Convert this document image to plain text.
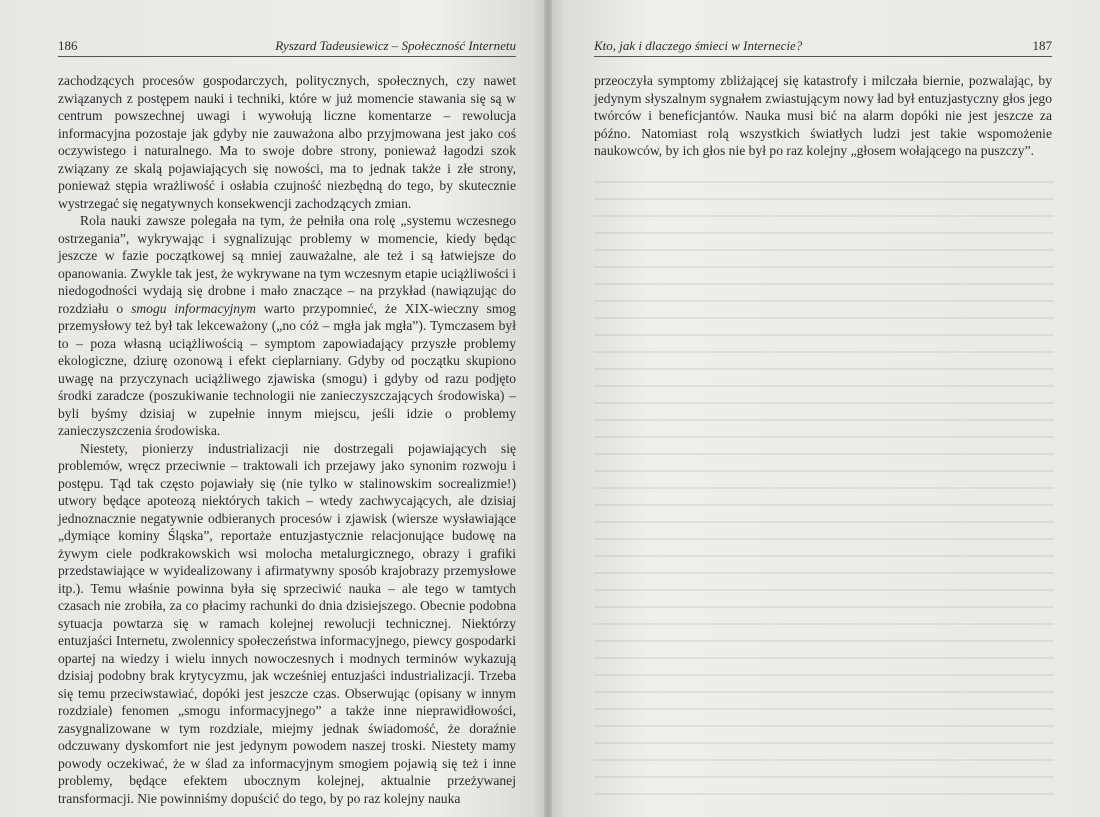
186	Ryszard Tadeusiewicz – Społeczność Internetu

zachodzących procesów gospodarczych, politycznych, społecznych, czy nawet związanych z postępem nauki i techniki, które w już momencie stawania się są w centrum powszechnej uwagi i wywołują liczne komentarze – rewolucja informacyjna pozostaje jak gdyby nie zauważona albo przyjmowana jest jako coś oczywistego i naturalnego. Ma to swoje dobre strony, ponieważ łagodzi szok związany ze skalą pojawiających się nowości, ma to jednak także i złe strony, ponieważ stępia wrażliwość i osłabia czujność niezbędną do tego, by skutecznie wystrzegać się negatywnych konsekwencji zachodzących zmian.

Rola nauki zawsze polegała na tym, że pełniła ona rolę „systemu wczesnego ostrzegania”, wykrywając i sygnalizując problemy w momencie, kiedy będąc jeszcze w fazie początkowej są mniej zauważalne, ale też i są łatwiejsze do opanowania. Zwykle tak jest, że wykrywane na tym wczesnym etapie uciążliwości i niedogodności wydają się drobne i mało znaczące – na przykład (nawiązując do rozdziału o smogu informacyjnym warto przypomnieć, że XIX-wieczny smog przemysłowy też był tak lekceważony („no cóż – mgła jak mgła”). Tymczasem był to – poza własną uciążliwością – symptom zapowiadający przyszłe problemy ekologiczne, dziurę ozonową i efekt cieplarniany. Gdyby od początku skupiono uwagę na przyczynach uciążliwego zjawiska (smogu) i gdyby od razu podjęto środki zaradcze (poszukiwanie technologii nie zanieczyszczających środowiska) – byli byśmy dzisiaj w zupełnie innym miejscu, jeśli idzie o problemy zanieczyszczenia środowiska.

Niestety, pionierzy industrializacji nie dostrzegali pojawiających się problemów, wręcz przeciwnie – traktowali ich przejawy jako synonim rozwoju i postępu. Tąd tak często pojawiały się (nie tylko w stalinowskim socrealizmie!) utwory będące apoteozą niektórych takich – wtedy zachwycających, ale dzisiaj jednoznacznie negatywnie odbieranych procesów i zjawisk (wiersze wysławiające „dymiące kominy Śląska”, reportaże entuzjastycznie relacjonujące budowę na żywym ciele podkrakowskich wsi molocha metalurgicznego, obrazy i grafiki przedstawiające w wyidealizowany i afirmatywny sposób krajobrazy przemysłowe itp.). Temu właśnie powinna była się sprzeciwić nauka – ale tego w tamtych czasach nie zrobiła, za co płacimy rachunki do dnia dzisiejszego. Obecnie podobna sytuacja powtarza się w ramach kolejnej rewolucji technicznej. Niektórzy entuzjaści Internetu, zwolennicy społeczeństwa informacyjnego, piewcy gospodarki opartej na wiedzy i wielu innych nowoczesnych i modnych terminów wykazują dzisiaj podobny brak krytycyzmu, jak wcześniej entuzjaści industrializacji. Trzeba się temu przeciwstawiać, dopóki jest jeszcze czas. Obserwując (opisany w innym rozdziale) fenomen „smogu informacyjnego” a także inne nieprawidłowości, zasygnalizowane w tym rozdziale, miejmy jednak świadomość, że doraźnie odczuwany dyskomfort nie jest jedynym powodem naszej troski. Niestety mamy powody oczekiwać, że w ślad za informacyjnym smogiem pojawią się też i inne problemy, będące efektem ubocznym kolejnej, aktualnie przeżywanej transformacji. Nie powinniśmy dopuścić do tego, by po raz kolejny nauka

Kto, jak i dlaczego śmieci w Internecie?	187

przeoczyła symptomy zbliżającej się katastrofy i milczała biernie, pozwalając, by jedynym słyszalnym sygnałem zwiastującym nowy ład był entuzjastyczny głos jego twórców i beneficjantów. Nauka musi bić na alarm dopóki nie jest jeszcze za późno. Natomiast rolą wszystkich światłych ludzi jest takie wspomożenie naukowców, by ich głos nie był po raz kolejny „głosem wołającego na puszczy”.
